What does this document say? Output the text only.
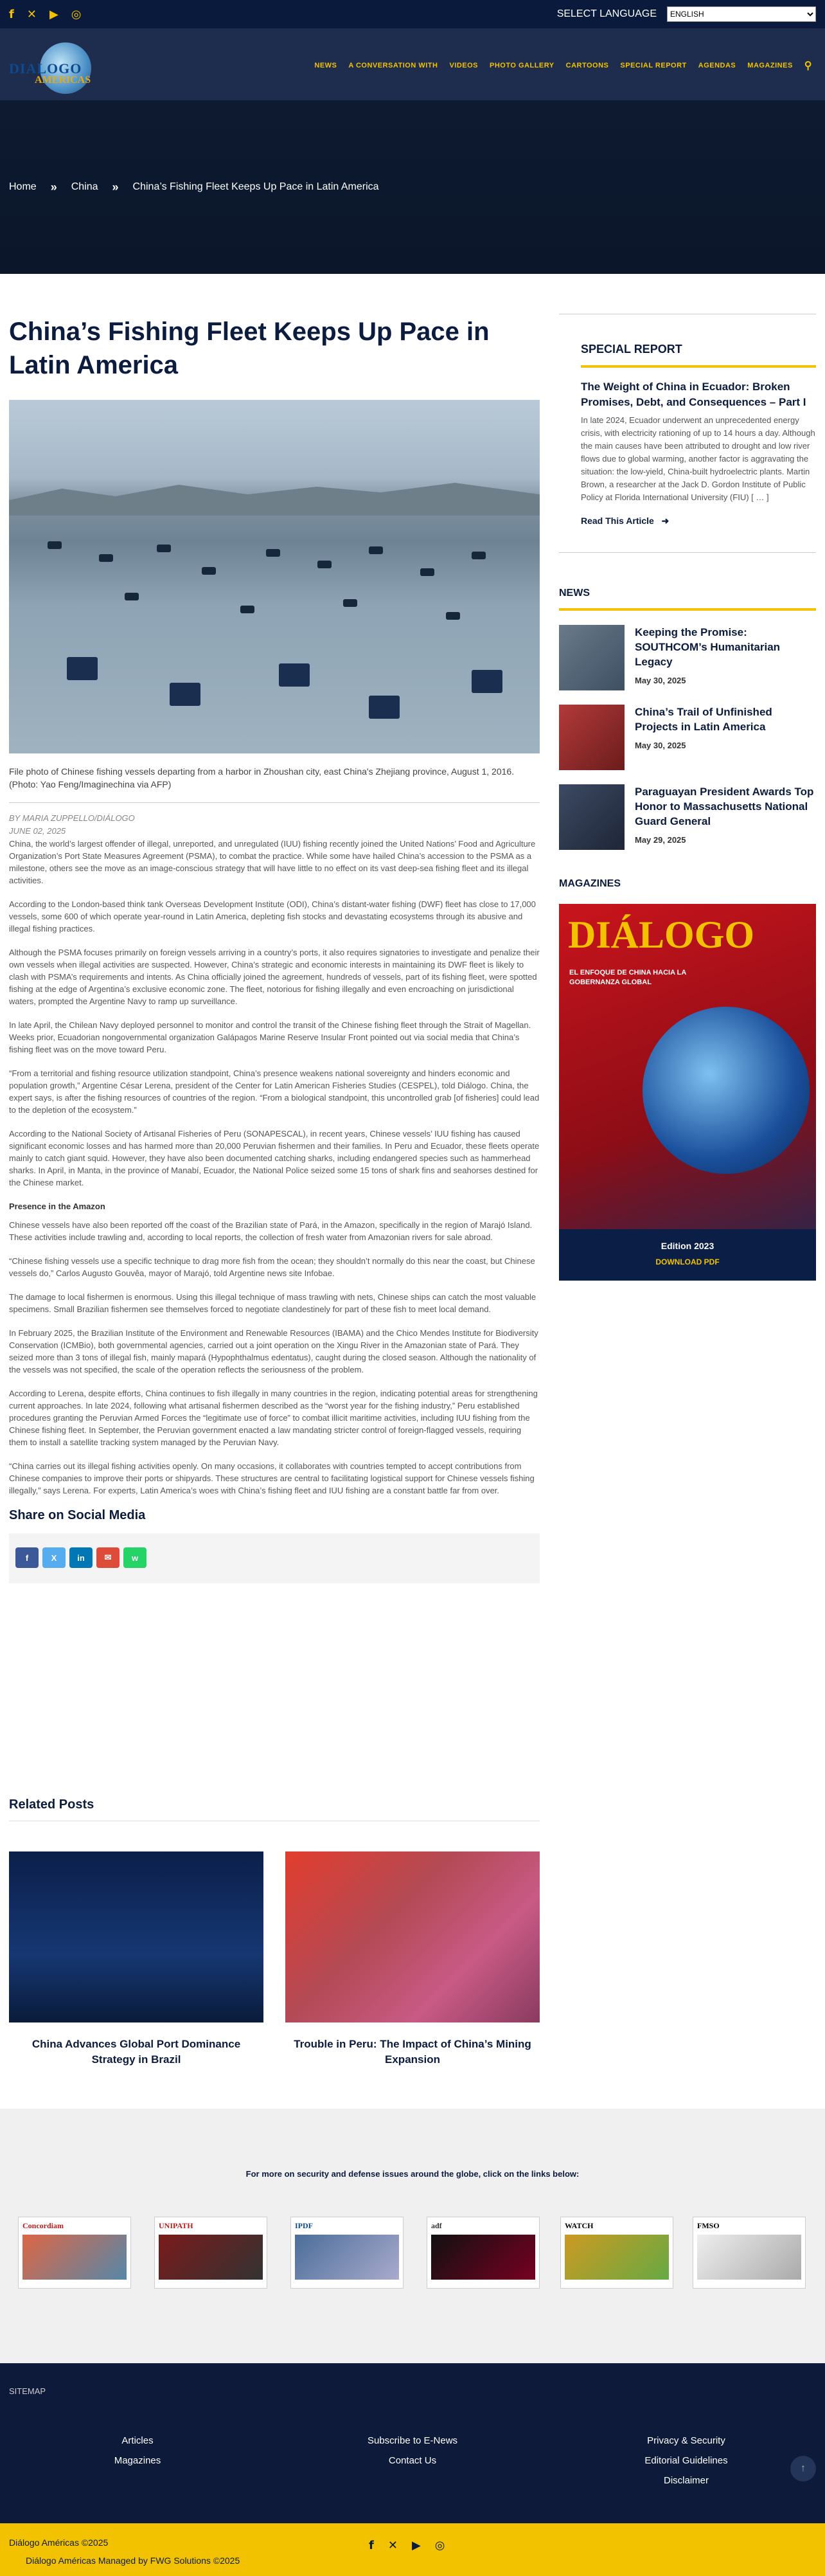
f ✕ ▶ ◎	SELECT LANGUAGE
ENGLISH
DIALOGO
AMERICAS
NEWS A CONVERSATION WITH VIDEOS PHOTO GALLERY CARTOONS SPECIAL REPORT AGENDAS MAGAZINES ⚲
Home » China » China’s Fishing Fleet Keeps Up Pace in Latin America
China’s Fishing Fleet Keeps Up Pace in Latin America
File photo of Chinese fishing vessels departing from a harbor in Zhoushan city, east China's Zhejiang province, August 1, 2016. (Photo: Yao Feng/Imaginechina via AFP)
BY MARIA ZUPPELLO/DIÁLOGO
JUNE 02, 2025

China, the world’s largest offender of illegal, unreported, and unregulated (IUU) fishing recently joined the United Nations’ Food and Agriculture Organization’s Port State Measures Agreement (PSMA), to combat the practice. While some have hailed China’s accession to the PSMA as a milestone, others see the move as an image-conscious strategy that will have little to no effect on its vast deep-sea fishing fleet and its illegal activities.

According to the London-based think tank Overseas Development Institute (ODI), China’s distant-water fishing (DWF) fleet has close to 17,000 vessels, some 600 of which operate year-round in Latin America, depleting fish stocks and devastating ecosystems through its abusive and illegal fishing practices.

Although the PSMA focuses primarily on foreign vessels arriving in a country’s ports, it also requires signatories to investigate and penalize their own vessels when illegal activities are suspected. However, China’s strategic and economic interests in maintaining its DWF fleet is likely to clash with PSMA’s requirements and intents. As China officially joined the agreement, hundreds of vessels, part of its fishing fleet, were spotted fishing at the edge of Argentina’s exclusive economic zone. The fleet, notorious for fishing illegally and even encroaching on jurisdictional waters, prompted the Argentine Navy to ramp up surveillance.

In late April, the Chilean Navy deployed personnel to monitor and control the transit of the Chinese fishing fleet through the Strait of Magellan. Weeks prior, Ecuadorian nongovernmental organization Galápagos Marine Reserve Insular Front pointed out via social media that China’s fishing fleet was on the move toward Peru.

“From a territorial and fishing resource utilization standpoint, China’s presence weakens national sovereignty and hinders economic and population growth,” Argentine César Lerena, president of the Center for Latin American Fisheries Studies (CESPEL), told Diálogo. China, the expert says, is after the fishing resources of countries of the region. “From a biological standpoint, this uncontrolled grab [of fisheries] could lead to the depletion of the ecosystem.”

According to the National Society of Artisanal Fisheries of Peru (SONAPESCAL), in recent years, Chinese vessels’ IUU fishing has caused significant economic losses and has harmed more than 20,000 Peruvian fishermen and their families. In Peru and Ecuador, these fleets operate mainly to catch giant squid. However, they have also been documented catching sharks, including endangered species such as hammerhead sharks. In April, in Manta, in the province of Manabí, Ecuador, the National Police seized some 15 tons of shark fins and seahorses destined for the Chinese market.

Presence in the Amazon

Chinese vessels have also been reported off the coast of the Brazilian state of Pará, in the Amazon, specifically in the region of Marajó Island. These activities include trawling and, according to local reports, the collection of fresh water from Amazonian rivers for sale abroad.

“Chinese fishing vessels use a specific technique to drag more fish from the ocean; they shouldn’t normally do this near the coast, but Chinese vessels do,” Carlos Augusto Gouvêa, mayor of Marajó, told Argentine news site Infobae.

The damage to local fishermen is enormous. Using this illegal technique of mass trawling with nets, Chinese ships can catch the most valuable specimens. Small Brazilian fishermen see themselves forced to negotiate clandestinely for part of these fish to meet local demand.

In February 2025, the Brazilian Institute of the Environment and Renewable Resources (IBAMA) and the Chico Mendes Institute for Biodiversity Conservation (ICMBio), both governmental agencies, carried out a joint operation on the Xingu River in the Amazonian state of Pará. They seized more than 3 tons of illegal fish, mainly mapará (Hypophthalmus edentatus), caught during the closed season. Although the nationality of the vessels was not specified, the scale of the operation reflects the seriousness of the problem.

According to Lerena, despite efforts, China continues to fish illegally in many countries in the region, indicating potential areas for strengthening current approaches. In late 2024, following what artisanal fishermen described as the “worst year for the fishing industry,” Peru established procedures granting the Peruvian Armed Forces the “legitimate use of force” to combat illicit maritime activities, including IUU fishing from the Chinese fishing fleet. In September, the Peruvian government enacted a law mandating stricter control of foreign-flagged vessels, requiring them to install a satellite tracking system managed by the Peruvian Navy.

“China carries out its illegal fishing activities openly. On many occasions, it collaborates with countries tempted to accept contributions from Chinese companies to improve their ports or shipyards. These structures are central to facilitating logistical support for Chinese vessels fishing illegally,” says Lerena. For experts, Latin America’s woes with China’s fishing fleet and IUU fishing are a constant battle far from over.

Share on Social Media
f	X	in	✉	w
Related Posts
China Advances Global Port Dominance Strategy in Brazil
Trouble in Peru: The Impact of China’s Mining Expansion
SPECIAL REPORT
The Weight of China in Ecuador: Broken Promises, Debt, and Consequences – Part I
In late 2024, Ecuador underwent an unprecedented energy crisis, with electricity rationing of up to 14 hours a day. Although the main causes have been attributed to drought and low river flows due to global warming, another factor is aggravating the situation: the low-yield, China-built hydroelectric plants. Martin Brown, a researcher at the Jack D. Gordon Institute of Public Policy at Florida International University (FIU) [ … ]
Read This Article   ➜
NEWS
Keeping the Promise: SOUTHCOM’s Humanitarian Legacy
May 30, 2025
China’s Trail of Unfinished Projects in Latin America
May 30, 2025
Paraguayan President Awards Top Honor to Massachusetts National Guard General
May 29, 2025
MAGAZINES
DIÁLOGO
EL ENFOQUE DE CHINA HACIA LA GOBERNANZA GLOBAL
Edition 2023
DOWNLOAD PDF
For more on security and defense issues around the globe, click on the links below:
Concordiam	UNIPATH	IPDF	adf	WATCH	FMSO
SITEMAP
Articles
Magazines
Subscribe to E-News
Contact Us
Privacy & Security
Editorial Guidelines
Disclaimer
↑
Diálogo Américas ©2025
Diálogo Américas Managed by FWG Solutions ©2025
f ✕ ▶ ◎
